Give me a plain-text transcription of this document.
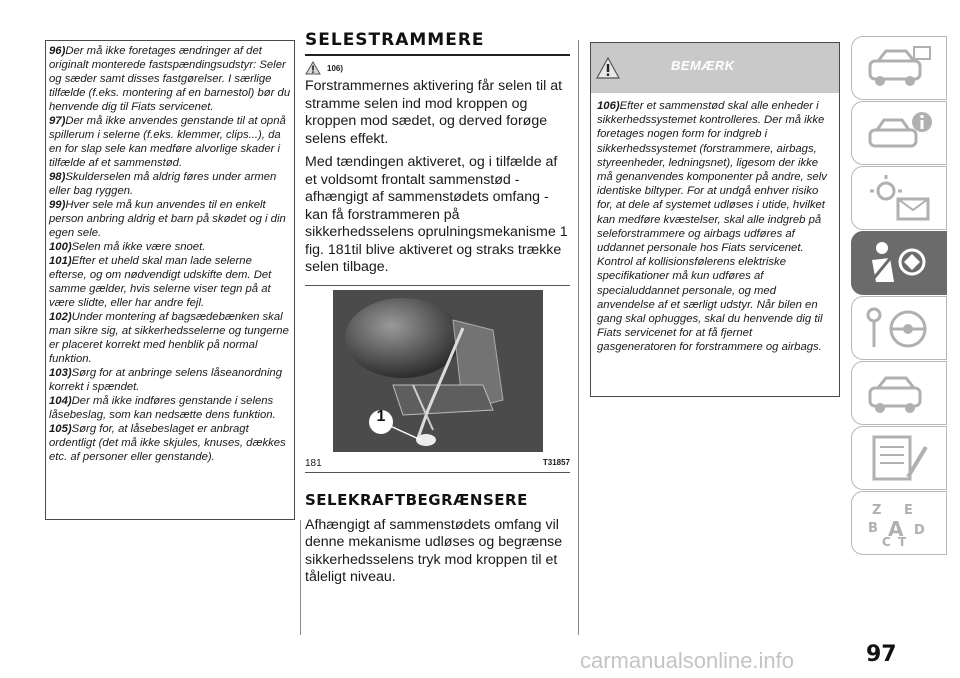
96)Der må ikke foretages ændringer af det originalt monterede fastspændingsudstyr: Seler og sæder samt disses fastgørelser. I særlige tilfælde (f.eks. montering af en barnestol) bør du henvende dig til Fiats servicenet.

97)Der må ikke anvendes genstande til at opnå spillerum i selerne (f.eks. klemmer, clips...), da en for slap sele kan medføre alvorlige skader i tilfælde af et sammenstød.

98)Skulderselen må aldrig føres under armen eller bag ryggen.

99)Hver sele må kun anvendes til en enkelt person anbring aldrig et barn på skødet og i din egen sele.

100)Selen må ikke være snoet.

101)Efter et uheld skal man lade selerne efterse, og om nødvendigt udskifte dem. Det samme gælder, hvis selerne viser tegn på at være slidte, eller har andre fejl.

102)Under montering af bagsædebænken skal man sikre sig, at sikkerhedsselerne og tungerne er placeret korrekt med henblik på normal funktion.

103)Sørg for at anbringe selens låseanordning korrekt i spændet.

104)Der må ikke indføres genstande i selens låsebeslag, som kan nedsætte dens funktion.

105)Sørg for, at låsebeslaget er anbragt ordentligt (det må ikke skjules, knuses, dækkes etc. af personer eller genstande).

SELESTRAMMERE
106)

Forstrammernes aktivering får selen til at stramme selen ind mod kroppen og kroppen mod sædet, og derved forøge selens effekt.

Med tændingen aktiveret, og i tilfælde af et voldsomt frontalt sammenstød - afhængigt af sammenstødets omfang - kan få forstrammeren på sikkerhedsselens oprulningsmekanisme 1 fig. 181til blive aktiveret og straks trække selen tilbage.

1
181	T31857
SELEKRAFTBEGRÆNSERE

Afhængigt af sammenstødets omfang vil denne mekanisme udløses og begrænse sikkerhedsselens tryk mod kroppen til et tåleligt niveau.

BEMÆRK
106)Efter et sammenstød skal alle enheder i sikkerhedssystemet kontrolleres. Der må ikke foretages nogen form for indgreb i sikkerhedssystemet (forstrammere, airbags, styreenheder, ledningsnet), ligesom der ikke må genanvendes komponenter på andre, selv identiske biltyper. For at undgå enhver risiko for, at dele af systemet udløses i utide, hvilket kan medføre kvæstelser, skal alle indgreb på seleforstrammere og airbags udføres af uddannet personale hos Fiats servicenet. Kontrol af kollisionsfølerens elektriske specifikationer må kun udføres af specialuddannet personale, og med anvendelse af et særligt udstyr. Når bilen en gang skal ophugges, skal du henvende dig til Fiats servicenet for at få fjernet gasgeneratoren for forstrammere og airbags.
Z E
B A D
C T
97
carmanualsonline.info
